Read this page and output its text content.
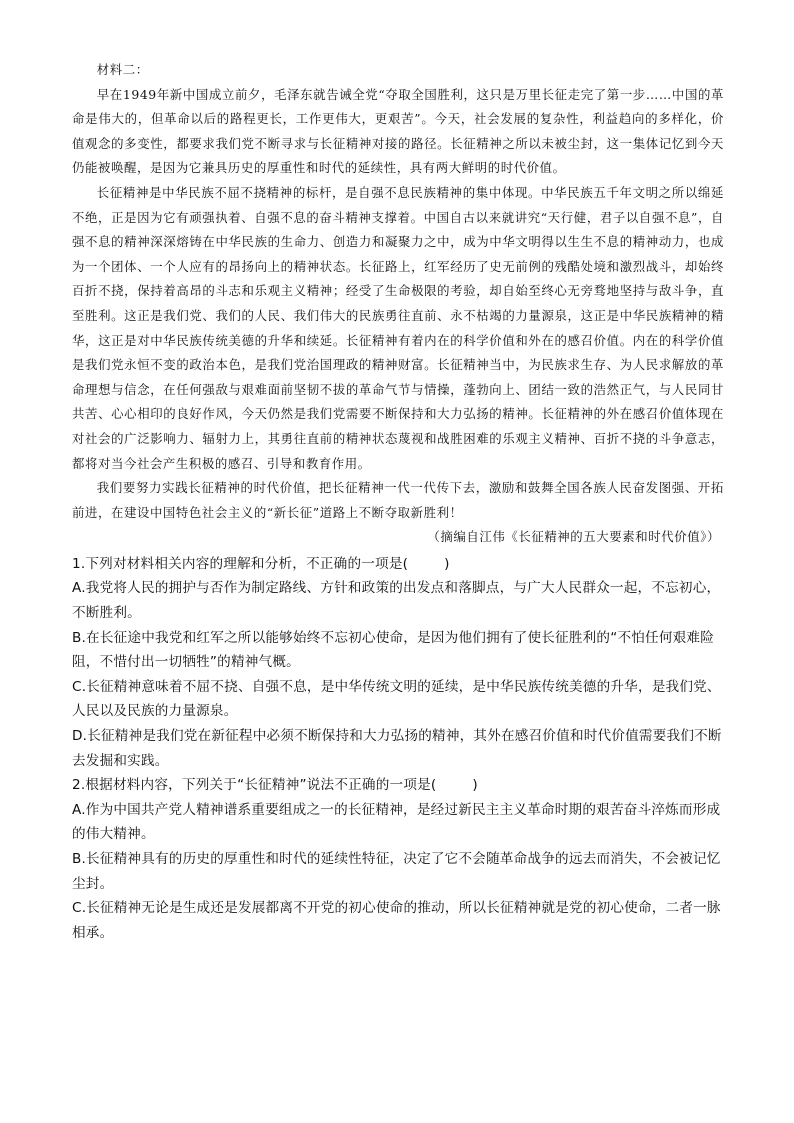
材料二：

早在1949年新中国成立前夕，毛泽东就告诫全党“夺取全国胜利，这只是万里长征走完了第一步……中国的革命是伟大的，但革命以后的路程更长，工作更伟大，更艰苦”。今天，社会发展的复杂性，利益趋向的多样化，价值观念的多变性，都要求我们党不断寻求与长征精神对接的路径。长征精神之所以未被尘封，这一集体记忆到今天仍能被唤醒，是因为它兼具历史的厚重性和时代的延续性，具有两大鲜明的时代价值。

长征精神是中华民族不屈不挠精神的标杆，是自强不息民族精神的集中体现。中华民族五千年文明之所以绵延不绝，正是因为它有顽强执着、自强不息的奋斗精神支撑着。中国自古以来就讲究“天行健，君子以自强不息”，自强不息的精神深深熔铸在中华民族的生命力、创造力和凝聚力之中，成为中华文明得以生生不息的精神动力，也成为一个团体、一个人应有的昂扬向上的精神状态。长征路上，红军经历了史无前例的残酷处境和激烈战斗，却始终百折不挠，保持着高昂的斗志和乐观主义精神；经受了生命极限的考验，却自始至终心无旁骛地坚持与敌斗争，直至胜利。这正是我们党、我们的人民、我们伟大的民族勇往直前、永不枯竭的力量源泉，这正是中华民族精神的精华，这正是对中华民族传统美德的升华和续延。长征精神有着内在的科学价值和外在的感召价值。内在的科学价值是我们党永恒不变的政治本色，是我们党治国理政的精神财富。长征精神当中，为民族求生存、为人民求解放的革命理想与信念，在任何强敌与艰难面前坚韧不拔的革命气节与情操，蓬勃向上、团结一致的浩然正气，与人民同甘共苦、心心相印的良好作风，今天仍然是我们党需要不断保持和大力弘扬的精神。长征精神的外在感召价值体现在对社会的广泛影响力、辐射力上，其勇往直前的精神状态蔑视和战胜困难的乐观主义精神、百折不挠的斗争意志，都将对当今社会产生积极的感召、引导和教育作用。

我们要努力实践长征精神的时代价值，把长征精神一代一代传下去，激励和鼓舞全国各族人民奋发图强、开拓前进，在建设中国特色社会主义的“新长征”道路上不断夺取新胜利！

（摘编自江伟《长征精神的五大要素和时代价值》）

1.下列对材料相关内容的理解和分析，不正确的一项是(	)

A.我党将人民的拥护与否作为制定路线、方针和政策的出发点和落脚点，与广大人民群众一起，不忘初心，不断胜利。

B.在长征途中我党和红军之所以能够始终不忘初心使命，是因为他们拥有了使长征胜利的“不怕任何艰难险阻，不惜付出一切牺牲”的精神气概。

C.长征精神意味着不屈不挠、自强不息，是中华传统文明的延续，是中华民族传统美德的升华，是我们党、人民以及民族的力量源泉。

D.长征精神是我们党在新征程中必须不断保持和大力弘扬的精神，其外在感召价值和时代价值需要我们不断去发掘和实践。

2.根据材料内容，下列关于“长征精神”说法不正确的一项是(	)

A.作为中国共产党人精神谱系重要组成之一的长征精神，是经过新民主主义革命时期的艰苦奋斗淬炼而形成的伟大精神。

B.长征精神具有的历史的厚重性和时代的延续性特征，决定了它不会随革命战争的远去而消失，不会被记忆尘封。

C.长征精神无论是生成还是发展都离不开党的初心使命的推动，所以长征精神就是党的初心使命，二者一脉相承。
